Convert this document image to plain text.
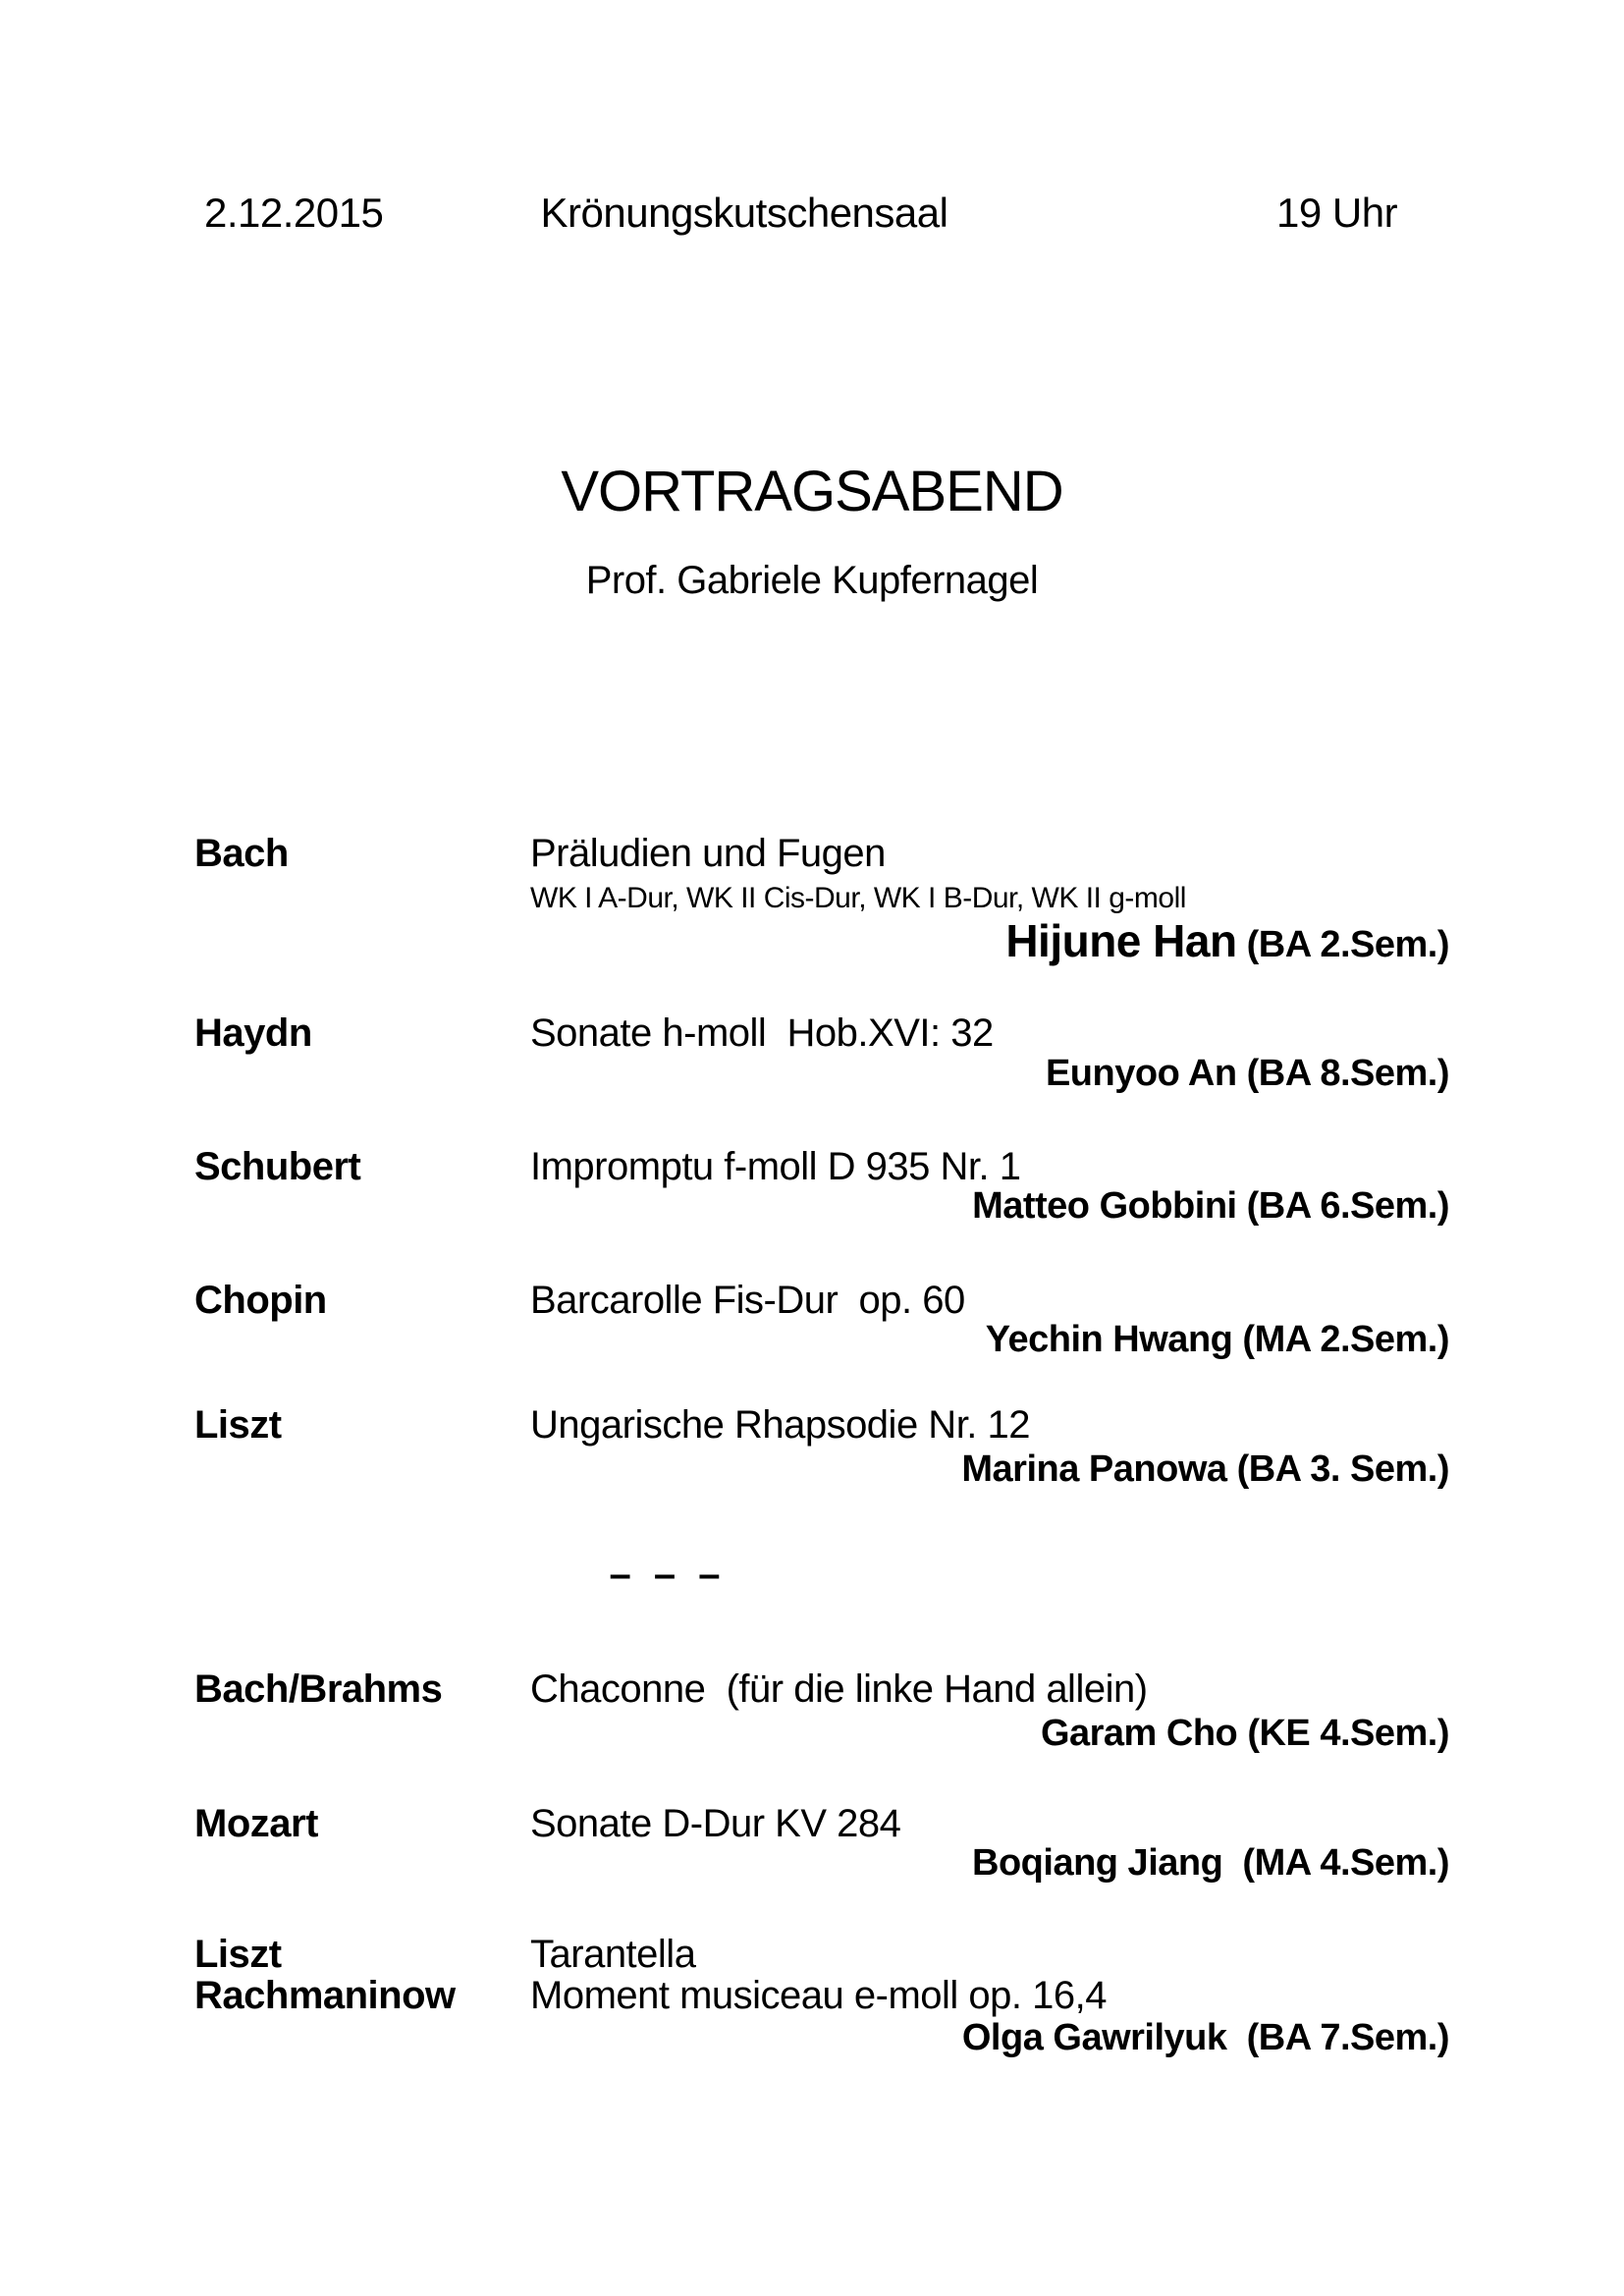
2.12.2015	Krönungskutschensaal	19 Uhr
VORTRAGSABEND
Prof. Gabriele Kupfernagel
Bach	Präludien und Fugen
WK I A-Dur, WK II Cis-Dur, WK I B-Dur, WK II g-moll
Hijune Han (BA 2.Sem.)
Haydn	Sonate h-moll  Hob.XVI: 32
Eunyoo An (BA 8.Sem.)
Schubert	Impromptu f-moll D 935 Nr. 1
Matteo Gobbini (BA 6.Sem.)
Chopin	Barcarolle Fis-Dur  op. 60
Yechin Hwang (MA 2.Sem.)
Liszt	Ungarische Rhapsodie Nr. 12
Marina Panowa (BA 3. Sem.)
– – –
Bach/Brahms Chaconne  (für die linke Hand allein)
Garam Cho (KE 4.Sem.)
Mozart	Sonate D-Dur KV 284
Boqiang Jiang  (MA 4.Sem.)
Liszt	Tarantella
Rachmaninow Moment musiceau e-moll op. 16,4
Olga Gawrilyuk  (BA 7.Sem.)
